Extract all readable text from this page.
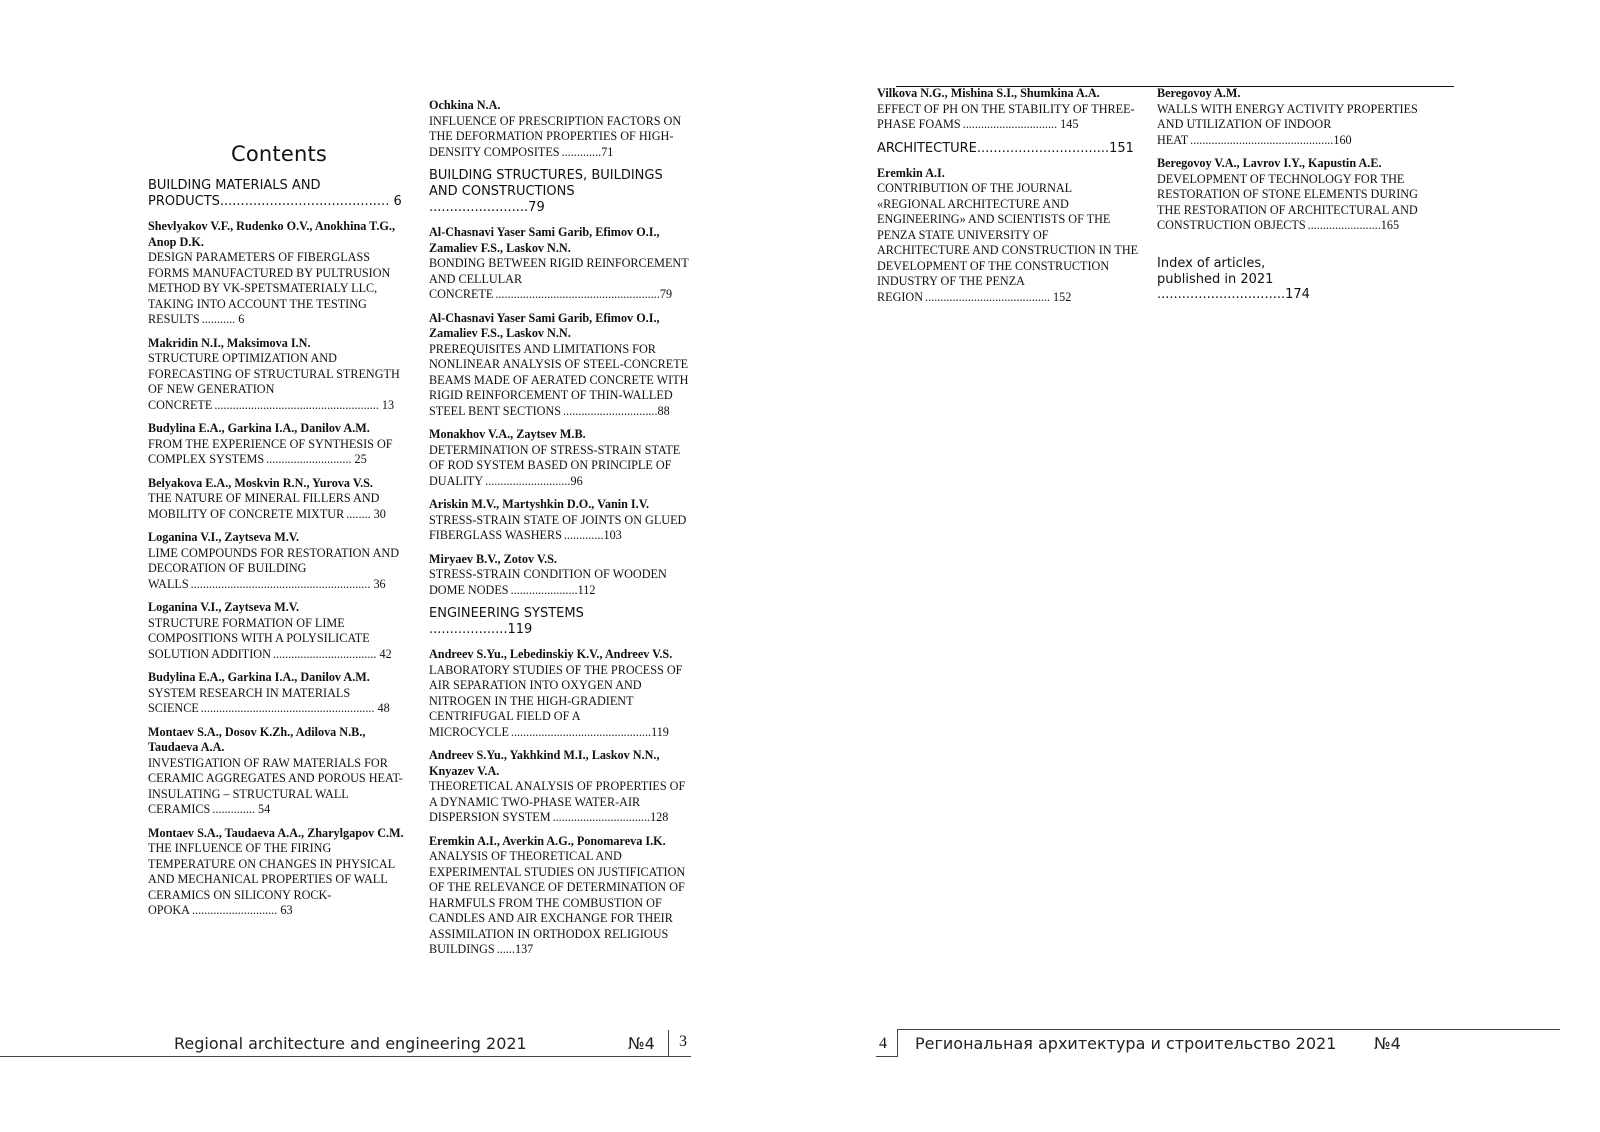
Contents
BUILDING MATERIALS AND PRODUCTS......................................... 6
Shevlyakov V.F., Rudenko O.V., Anokhina T.G., Anop D.K.
DESIGN PARAMETERS OF FIBERGLASS FORMS MANUFACTURED BY PULTRUSION METHOD BY VK-SPETSMATERIALY LLC, TAKING INTO ACCOUNT THE TESTING RESULTS ........... 6
Makridin N.I., Maksimova I.N.
STRUCTURE OPTIMIZATION AND FORECASTING OF STRUCTURAL STRENGTH OF NEW GENERATION CONCRETE ...................................................... 13
Budylina E.A., Garkina I.A., Danilov A.M.
FROM THE EXPERIENCE OF SYNTHESIS OF COMPLEX SYSTEMS ............................ 25
Belyakova E.A., Moskvin R.N., Yurova V.S.
THE NATURE OF MINERAL FILLERS AND MOBILITY OF CONCRETE MIXTUR ........ 30
Loganina V.I., Zaytseva M.V.
LIME COMPOUNDS FOR RESTORATION AND DECORATION OF BUILDING WALLS ........................................................... 36
Loganina V.I., Zaytseva M.V.
STRUCTURE FORMATION OF LIME COMPOSITIONS WITH A POLYSILICATE SOLUTION ADDITION .................................. 42
Budylina E.A., Garkina I.A., Danilov A.M.
SYSTEM RESEARCH IN MATERIALS SCIENCE ......................................................... 48
Montaev S.A., Dosov K.Zh., Adilova N.B., Taudaeva A.A.
INVESTIGATION OF RAW MATERIALS FOR CERAMIC AGGREGATES AND POROUS HEAT-INSULATING – STRUCTURAL WALL CERAMICS .............. 54
Montaev S.A., Taudaeva A.A., Zharylgapov C.M.
THE INFLUENCE OF THE FIRING TEMPERATURE ON CHANGES IN PHYSICAL AND MECHANICAL PROPERTIES OF WALL CERAMICS ON SILICONY ROCK-OPOKA ............................ 63
Ochkina N.A.
INFLUENCE OF PRESCRIPTION FACTORS ON THE DEFORMATION PROPERTIES OF HIGH-DENSITY COMPOSITES .............71
BUILDING STRUCTURES, BUILDINGS AND CONSTRUCTIONS ........................79
Al-Chasnavi Yaser Sami Garib, Efimov O.I., Zamaliev F.S., Laskov N.N.
BONDING BETWEEN RIGID REINFORCEMENT AND CELLULAR CONCRETE ......................................................79
Al-Chasnavi Yaser Sami Garib, Efimov O.I., Zamaliev F.S., Laskov N.N.
PREREQUISITES AND LIMITATIONS FOR NONLINEAR ANALYSIS OF STEEL-CONCRETE BEAMS MADE OF AERATED CONCRETE WITH RIGID REINFORCEMENT OF THIN-WALLED STEEL BENT SECTIONS ...............................88
Monakhov V.A., Zaytsev M.B.
DETERMINATION OF STRESS-STRAIN STATE OF ROD SYSTEM BASED ON PRINCIPLE OF DUALITY ............................96
Ariskin M.V., Martyshkin D.O., Vanin I.V.
STRESS-STRAIN STATE OF JOINTS ON GLUED FIBERGLASS WASHERS .............103
Miryaev B.V., Zotov V.S.
STRESS-STRAIN CONDITION OF WOODEN DOME NODES ......................112
ENGINEERING SYSTEMS ...................119
Andreev S.Yu., Lebedinskiy K.V., Andreev V.S.
LABORATORY STUDIES OF THE PROCESS OF AIR SEPARATION INTO OXYGEN AND NITROGEN IN THE HIGH-GRADIENT CENTRIFUGAL FIELD OF A MICROCYCLE ..............................................119
Andreev S.Yu., Yakhkind M.I., Laskov N.N., Knyazev V.A.
THEORETICAL ANALYSIS OF PROPERTIES OF A DYNAMIC TWO-PHASE WATER-AIR DISPERSION SYSTEM ................................128
Eremkin A.I., Averkin A.G., Ponomareva I.K.
ANALYSIS OF THEORETICAL AND EXPERIMENTAL STUDIES ON JUSTIFICATION OF THE RELEVANCE OF DETERMINATION OF HARMFULS FROM THE COMBUSTION OF CANDLES AND AIR EXCHANGE FOR THEIR ASSIMILATION IN ORTHODOX RELIGIOUS BUILDINGS ......137
Vilkova N.G., Mishina S.I., Shumkina A.A.
EFFECT OF PH ON THE STABILITY OF THREE-PHASE FOAMS ............................... 145
ARCHITECTURE................................151
Eremkin A.I.
CONTRIBUTION OF THE JOURNAL «REGIONAL ARCHITECTURE AND ENGINEERING» AND SCIENTISTS OF THE PENZA STATE UNIVERSITY OF ARCHITECTURE AND CONSTRUCTION IN THE DEVELOPMENT OF THE CONSTRUCTION INDUSTRY OF THE PENZA REGION ......................................... 152
Beregovoy A.M.
WALLS WITH ENERGY ACTIVITY PROPERTIES AND UTILIZATION OF INDOOR HEAT ...............................................160
Beregovoy V.A., Lavrov I.Y., Kapustin A.E.
DEVELOPMENT OF TECHNOLOGY FOR THE RESTORATION OF STONE ELEMENTS DURING THE RESTORATION OF ARCHITECTURAL AND CONSTRUCTION OBJECTS ........................165
Index of articles,
published in 2021 ...............................174
Regional architecture and engineering 2021	№4 3	4 Региональная архитектура и строительство 2021 №4
